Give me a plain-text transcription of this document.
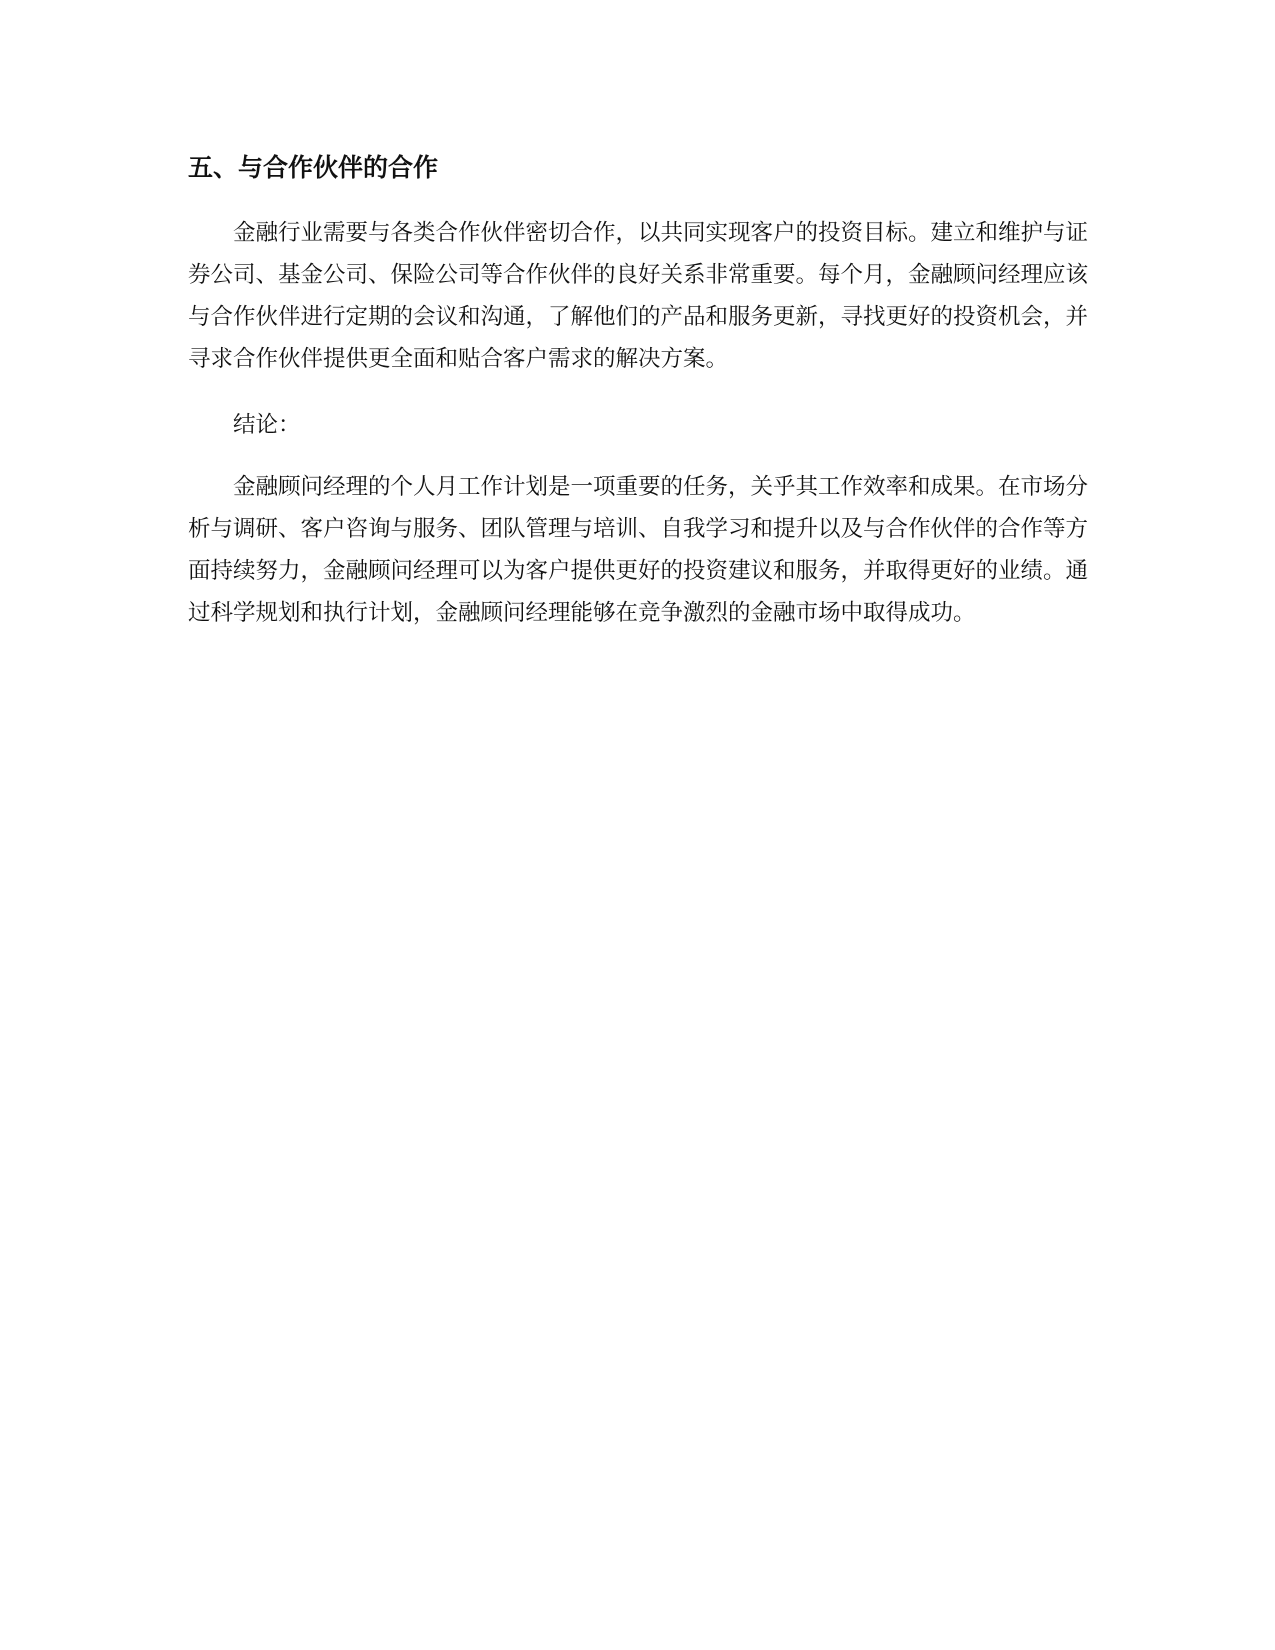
五、与合作伙伴的合作

金融行业需要与各类合作伙伴密切合作，以共同实现客户的投资目标。建立和维护与证券公司、基金公司、保险公司等合作伙伴的良好关系非常重要。每个月，金融顾问经理应该与合作伙伴进行定期的会议和沟通，了解他们的产品和服务更新，寻找更好的投资机会，并寻求合作伙伴提供更全面和贴合客户需求的解决方案。

结论：

金融顾问经理的个人月工作计划是一项重要的任务，关乎其工作效率和成果。在市场分析与调研、客户咨询与服务、团队管理与培训、自我学习和提升以及与合作伙伴的合作等方面持续努力，金融顾问经理可以为客户提供更好的投资建议和服务，并取得更好的业绩。通过科学规划和执行计划，金融顾问经理能够在竞争激烈的金融市场中取得成功。
